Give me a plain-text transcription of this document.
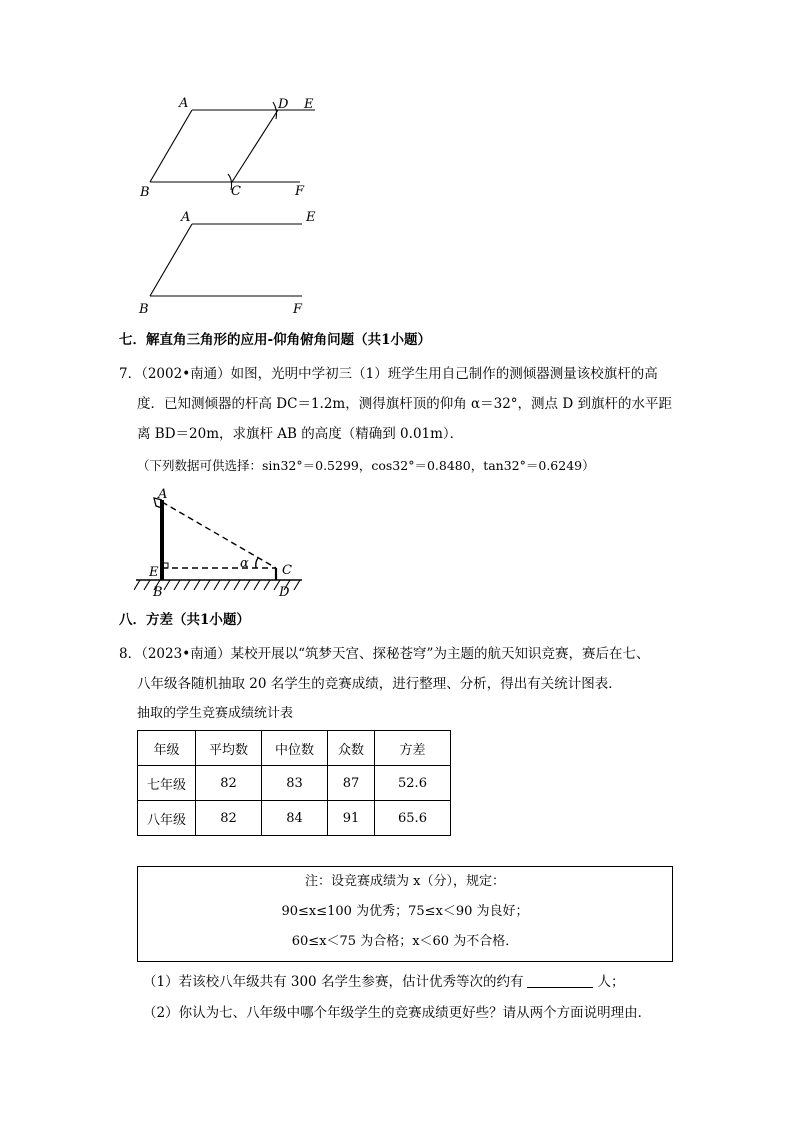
A	D E
B	C	F
A	E
B	F
七．解直角三角形的应用-仰角俯角问题（共1小题）
7．（2002•南通）如图，光明中学初三（1）班学生用自己制作的测倾器测量该校旗杆的高
度．已知测倾器的杆高 DC＝1.2m，测得旗杆顶的仰角 α＝32°，测点 D 到旗杆的水平距
离 BD＝20m，求旗杆 AB 的高度（精确到 0.01m）．
（下列数据可供选择：sin32°＝0.5299，cos32°＝0.8480，tan32°＝0.6249）
A
E
B
C
D
α
八．方差（共1小题）
8．（2023•南通）某校开展以“筑梦天宫、探秘苍穹”为主题的航天知识竞赛，赛后在七、
八年级各随机抽取 20 名学生的竞赛成绩，进行整理、分析，得出有关统计图表．
抽取的学生竞赛成绩统计表
年级	平均数	中位数	众数	方差
七年级	82	83	87	52.6
八年级	82	84	91	65.6
注：设竞赛成绩为 x（分），规定：
90≤x≤100 为优秀；75≤x＜90 为良好；
60≤x＜75 为合格；x＜60 为不合格．
（1）若该校八年级共有 300 名学生参赛，估计优秀等次的约有	人；
（2）你认为七、八年级中哪个年级学生的竞赛成绩更好些？请从两个方面说明理由．
